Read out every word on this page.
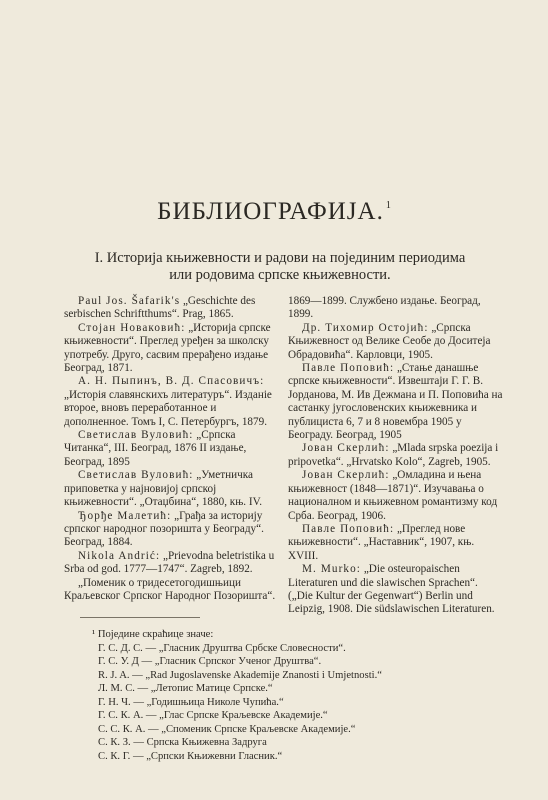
БИБЛИОГРАФИЈА. $^1$
I. Историја књижевности и радови на појединим периодима
или родовима српске књижевности.

Paul Jos. Šafarik's „Geschichte des serbischen Schriftthums“. Prag, 1865.

Стојан Новаковић: „Историја српске књижевности“. Преглед уређен за школску употребу. Друго, сасвим прерађено издање Београд, 1871.

А. Н. Пыпинъ, В. Д. Спасовичъ: „Исторія славянскихъ литературъ“. Изданіе второе, вновъ переработанное и дополненное. Томъ I, С. Петербургъ, 1879.

Светислав Вуловић: „Српска Читанка“, III. Београд, 1876 II издање, Београд, 1895

Светислав Вуловић: „Уметничка приповетка у најновијој српској књижевности“. „Отаџбина“, 1880, књ. IV.

Ђорђе Малетић: „Грађа за историју српског народног позоришта у Београду“. Београд, 1884.

Nikola Andrić: „Prievodna beletristika u Srba od god. 1777—1747“. Zagreb, 1892.

„Поменик о тридесетогодишњици Краљевског Српског Народног Позоришта“.

1869—1899. Службено издање. Београд, 1899.

Др. Тихомир Остојић: „Српска Књижевност од Велике Сеобе до Доситеја Обрадовића“. Карловци, 1905.

Павле Поповић: „Стање данашње српске књижевности“. Извештаји Г. Г. В. Јорданова, М. Ив Дежмана и П. Поповића на састанку југословенских књижевника и публициста 6, 7 и 8 новембра 1905 у Београду. Београд, 1905

Јован Скерлић: „Mlada srpska poezija i pripovetka“. „Hrvatsko Kolo“, Zagreb, 1905.

Јован Скерлић: „Омладина и њена књижевност (1848—1871)“. Изучавања о националном и књижевном романтизму код Срба. Београд, 1906.

Павле Поповић: „Преглед нове књижевности“. „Наставник“, 1907, књ. XVIII.

M. Murko: „Die osteuropaischen Literaturen und die slawischen Sprachen“. („Die Kultur der Gegenwart“) Berlin und Leipzig, 1908. Die südslawischen Literaturen.

¹ Поједине скраћице значе:
Г. С. Д. С. — „Гласник Друштва Србске Словесности“.
Г. С. У. Д — „Гласник Српског Ученог Друштва“.
R. J. A. — „Rad Jugoslavenske Akademije Znanosti i Umjetnosti.“
Л. М. С. — „Летопис Матице Српске.“
Г. Н. Ч. — „Годишњица Николе Чупића.“
Г. С. К. А. — „Глас Српске Краљевске Академије.“
С. С. К. А. — „Споменик Српске Краљевске Академије.“
С. К. З. — Српска Књижевна Задруга
С. К. Г. — „Српски Књижевни Гласник.“
